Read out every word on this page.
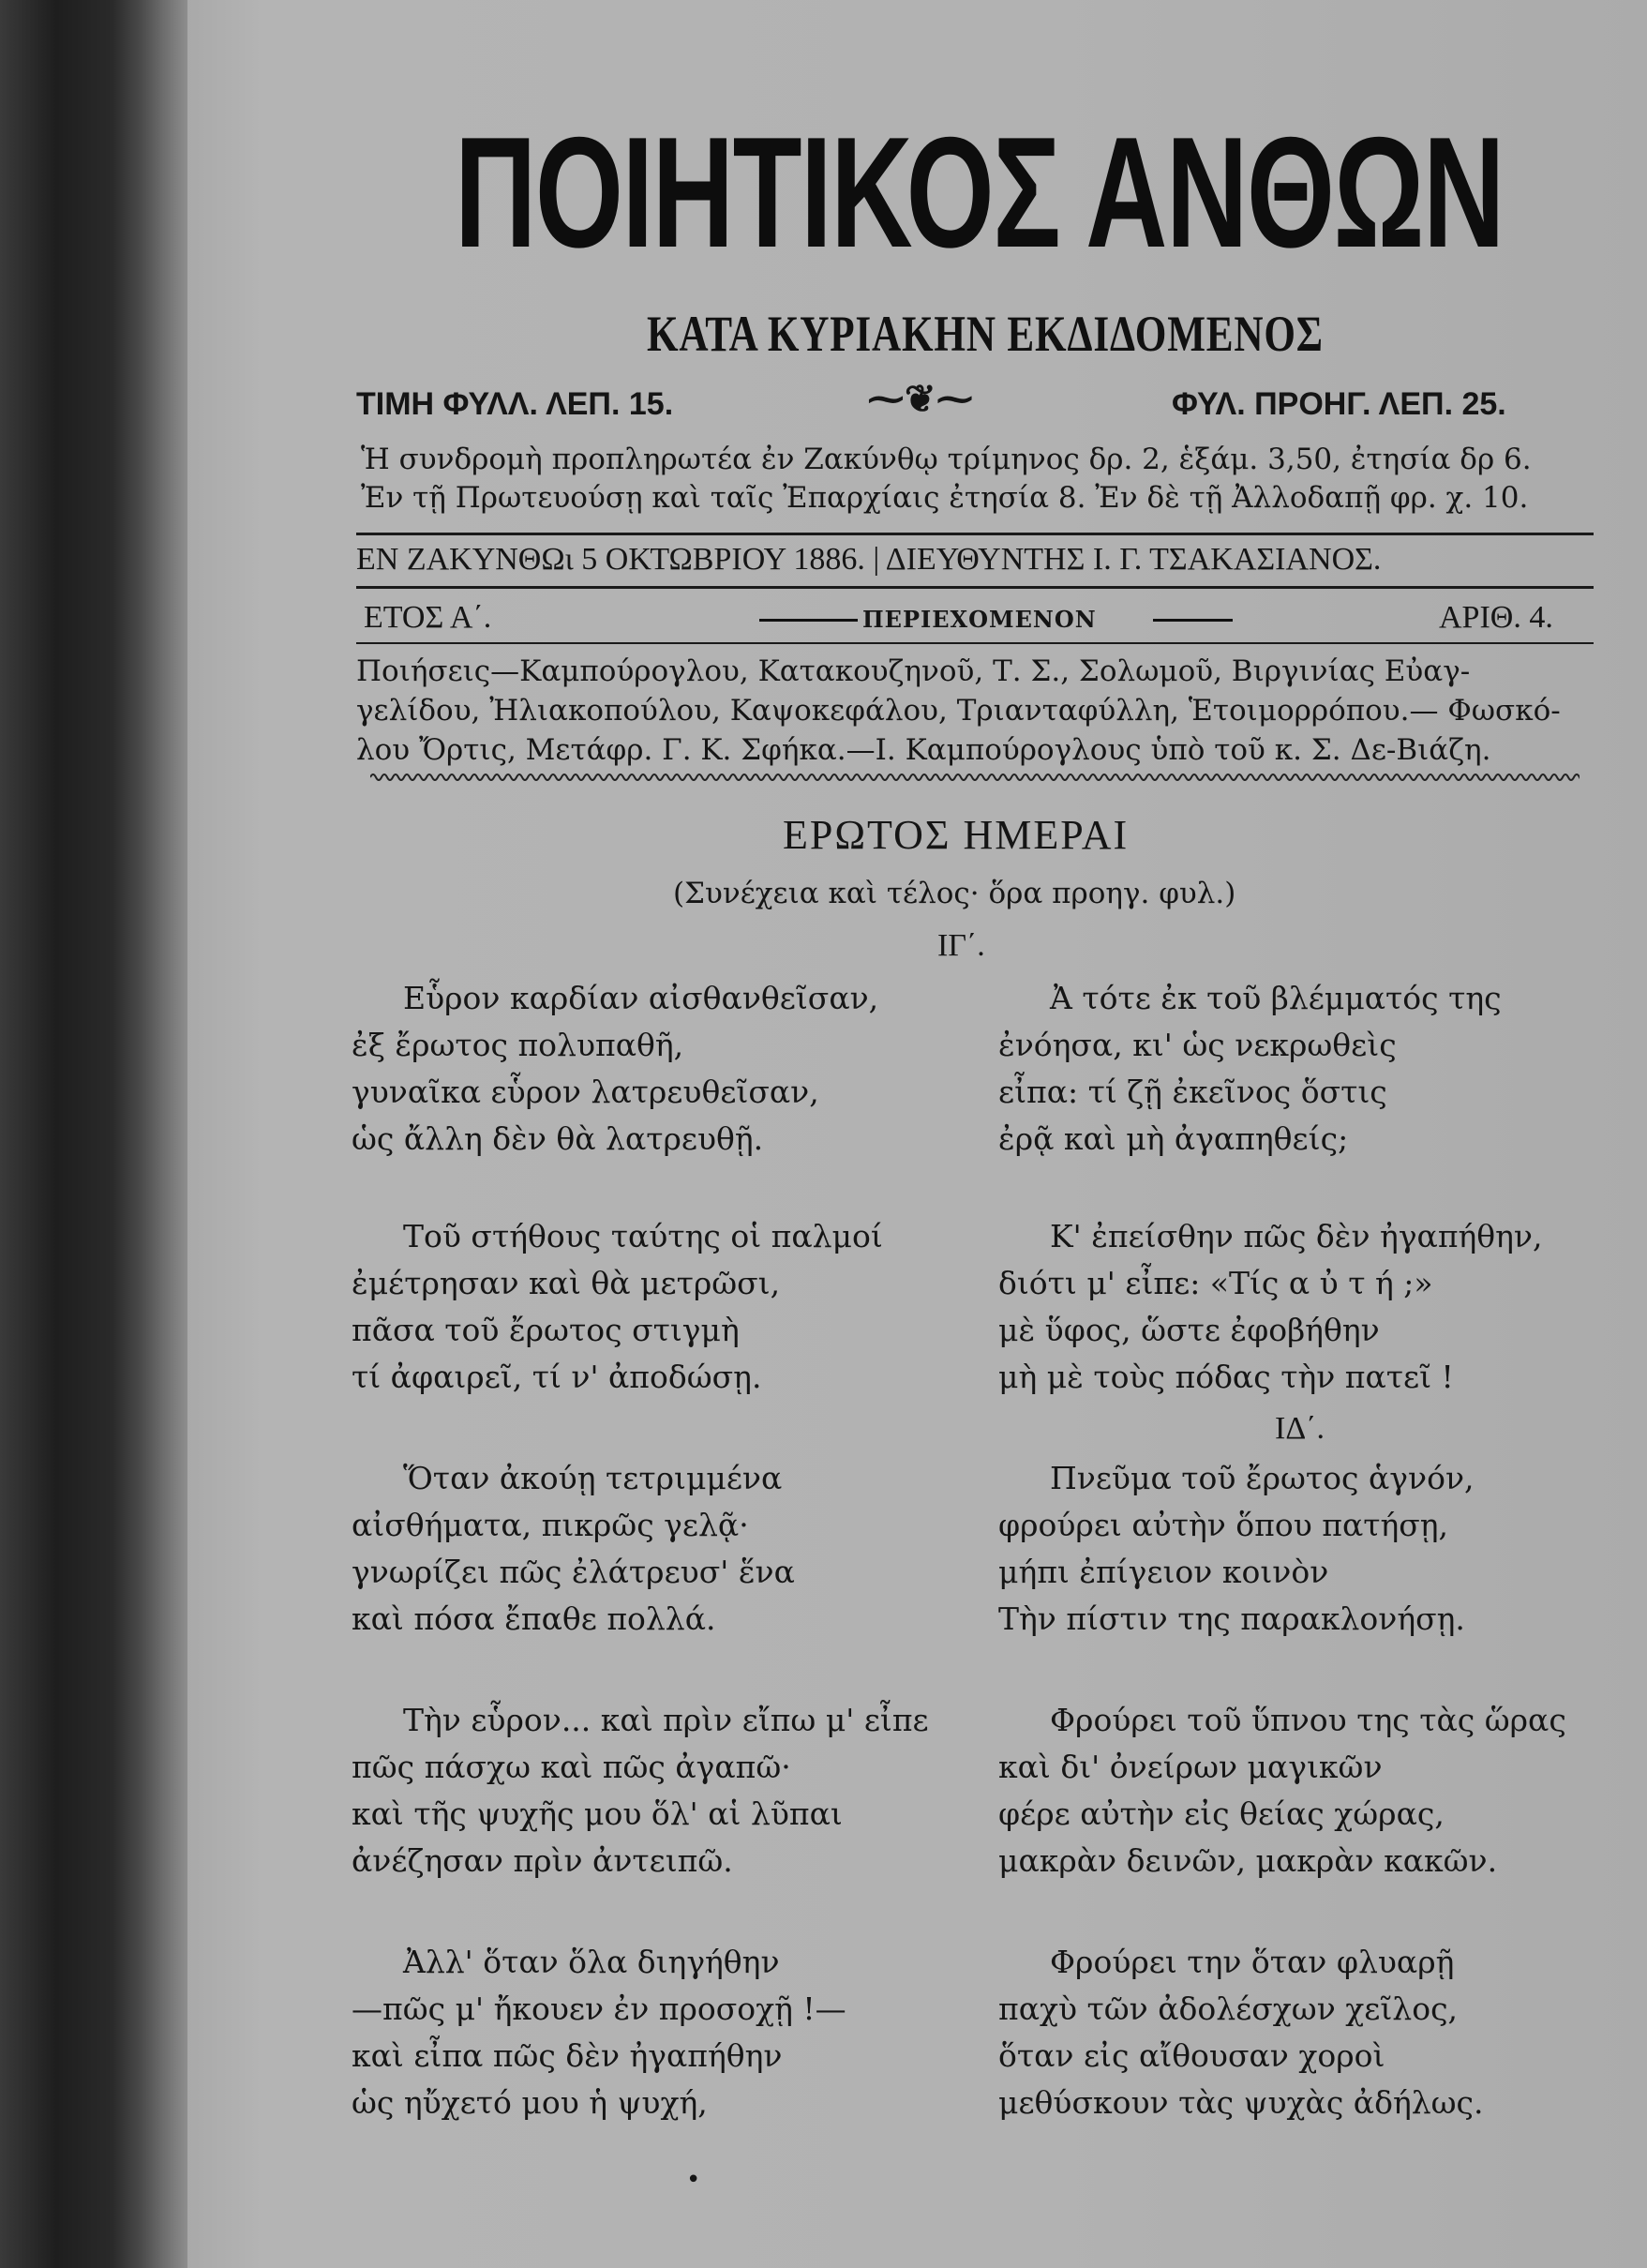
ΠΟΙΗΤΙΚΟΣ ΑΝΘΩΝ
ΚΑΤΑ ΚΥΡΙΑΚΗΝ ΕΚΔΙΔΟΜΕΝΟΣ
ΤΙΜΗ ΦΥΛΛ. ΛΕΠ. 15.	⁓❦⁓	ΦΥΛ. ΠΡΟΗΓ. ΛΕΠ. 25.
Ἡ συνδρομὴ προπληρωτέα ἐν Ζακύνθῳ τρίμηνος δρ. 2, ἑξάμ. 3,50, ἐτησία δρ 6.
Ἐν τῇ Πρωτευούσῃ καὶ ταῖς Ἐπαρχίαις ἐτησία 8. Ἐν δὲ τῇ Ἀλλοδαπῇ φρ. χ. 10.
ΕΝ ΖΑΚΥΝΘΩι 5 ΟΚΤΩΒΡΙΟΥ 1886. | ΔΙΕΥΘΥΝΤΗΣ Ι. Γ. ΤΣΑΚΑΣΙΑΝΟΣ.
ΕΤΟΣ Α΄.	ΠΕΡΙΕΧΟΜΕΝΟΝ	ΑΡΙΘ. 4.
Ποιήσεις—Καμπούρογλου, Κατακουζηνοῦ, Τ. Σ., Σολωμοῦ, Βιργινίας Εὐαγ-
γελίδου, Ἠλιακοπούλου, Καψοκεφάλου, Τριανταφύλλη, Ἑτοιμορρόπου.— Φωσκό-
λου Ὄρτις, Μετάφρ. Γ. Κ. Σφήκα.—Ι. Καμπούρογλους ὑπὸ τοῦ κ. Σ. Δε-Βιάζη.
ΕΡΩΤΟΣ ΗΜΕΡΑΙ
(Συνέχεια καὶ τέλος· ὅρα προηγ. φυλ.)
ΙΓ΄.
ΙΔ΄.
Εὗρον καρδίαν αἰσθανθεῖσαν,
ἐξ ἔρωτος πολυπαθῆ,
γυναῖκα εὗρον λατρευθεῖσαν,
ὡς ἄλλη δὲν θὰ λατρευθῇ.
Τοῦ στήθους ταύτης οἱ παλμοί
ἐμέτρησαν καὶ θὰ μετρῶσι,
πᾶσα τοῦ ἔρωτος στιγμὴ
τί ἀφαιρεῖ, τί ν' ἀποδώσῃ.
Ὅταν ἀκούῃ τετριμμένα
αἰσθήματα, πικρῶς γελᾷ·
γνωρίζει πῶς ἐλάτρευσ' ἕνα
καὶ πόσα ἔπαθε πολλά.
Τὴν εὗρον... καὶ πρὶν εἴπω μ' εἶπε
πῶς πάσχω καὶ πῶς ἀγαπῶ·
καὶ τῆς ψυχῆς μου ὅλ' αἱ λῦπαι
ἀνέζησαν πρὶν ἀντειπῶ.
Ἀλλ' ὅταν ὅλα διηγήθην
—πῶς μ' ἤκουεν ἐν προσοχῇ !—
καὶ εἶπα πῶς δὲν ἠγαπήθην
ὡς ηὔχετό μου ἡ ψυχή,
Ἀ τότε ἐκ τοῦ βλέμματός της
ἐνόησα, κι' ὡς νεκρωθεὶς
εἶπα: τί ζῇ ἐκεῖνος ὅστις
ἐρᾷ καὶ μὴ ἀγαπηθείς;
Κ' ἐπείσθην πῶς δὲν ἠγαπήθην,
διότι μ' εἶπε: «Τίς α ὐ τ ή ;»
μὲ ὕφος, ὥστε ἐφοβήθην
μὴ μὲ τοὺς πόδας τὴν πατεῖ !
Πνεῦμα τοῦ ἔρωτος ἁγνόν,
φρούρει αὐτὴν ὅπου πατήσῃ,
μήπι ἐπίγειον κοινὸν
Τὴν πίστιν της παρακλονήσῃ.
Φρούρει τοῦ ὕπνου της τὰς ὥρας
καὶ δι' ὀνείρων μαγικῶν
φέρε αὐτὴν εἰς θείας χώρας,
μακρὰν δεινῶν, μακρὰν κακῶν.
Φρούρει την ὅταν φλυαρῇ
παχὺ τῶν ἀδολέσχων χεῖλος,
ὅταν εἰς αἴθουσαν χοροὶ
μεθύσκουν τὰς ψυχὰς ἀδήλως.
•
